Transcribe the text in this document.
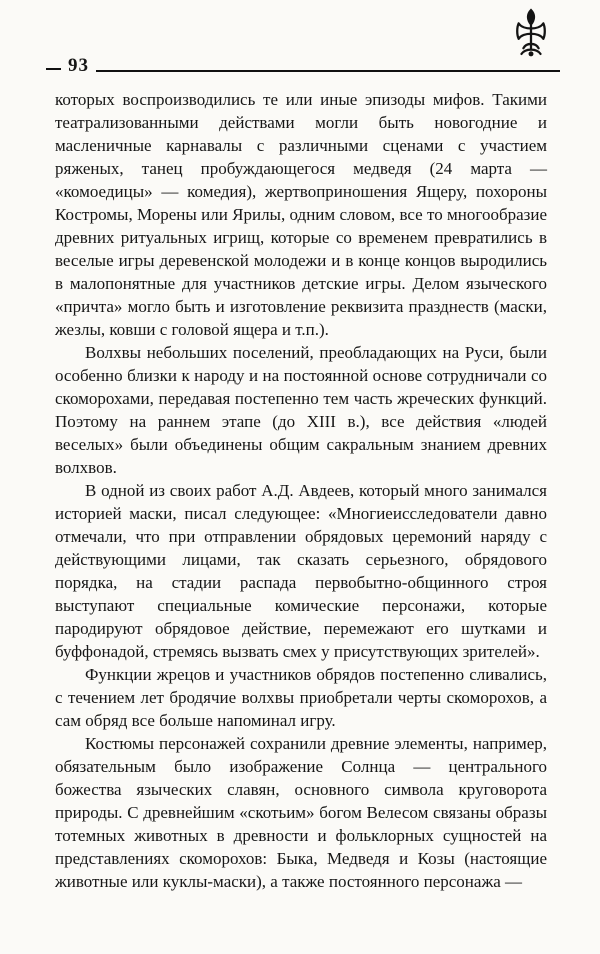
93

которых воспроизводились те или иные эпизоды мифов. Такими театрализованными действами могли быть новогодние и масленичные карнавалы с различными сценами с участием ряженых, танец пробуждающегося медведя (24 марта — «комоедицы» — комедия), жертвоприношения Ящеру, похороны Костромы, Морены или Ярилы, одним словом, все то многообразие древних ритуальных игрищ, которые со временем превратились в веселые игры деревенской молодежи и в конце концов выродились в малопонятные для участников детские игры. Делом языческого «причта» могло быть и изготовление реквизита празднеств (маски, жезлы, ковши с головой ящера и т.п.).

Волхвы небольших поселений, преобладающих на Руси, были особенно близки к народу и на постоянной основе сотрудничали со скоморохами, передавая постепенно тем часть жреческих функций. Поэтому на раннем этапе (до XIII в.), все действия «людей веселых» были объединены общим сакральным знанием древних волхвов.

В одной из своих работ А.Д. Авдеев, который много занимался историей маски, писал следующее: «Многиеисследователи давно отмечали, что при отправлении обрядовых церемоний наряду с действующими лицами, так сказать серьезного, обрядового порядка, на стадии распада первобытно-общинного строя выступают специальные комические персонажи, которые пародируют обрядовое действие, перемежают его шутками и буффонадой, стремясь вызвать смех у присутствующих зрителей».

Функции жрецов и участников обрядов постепенно сливались, с течением лет бродячие волхвы приобретали черты скоморохов, а сам обряд все больше напоминал игру.

Костюмы персонажей сохранили древние элементы, например, обязательным было изображение Солнца — центрального божества языческих славян, основного символа круговорота природы. С древнейшим «скотьим» богом Велесом связаны образы тотемных животных в древности и фольклорных сущностей на представлениях скоморохов: Быка, Медведя и Козы (настоящие животные или куклы-маски), а также постоянного персонажа —
